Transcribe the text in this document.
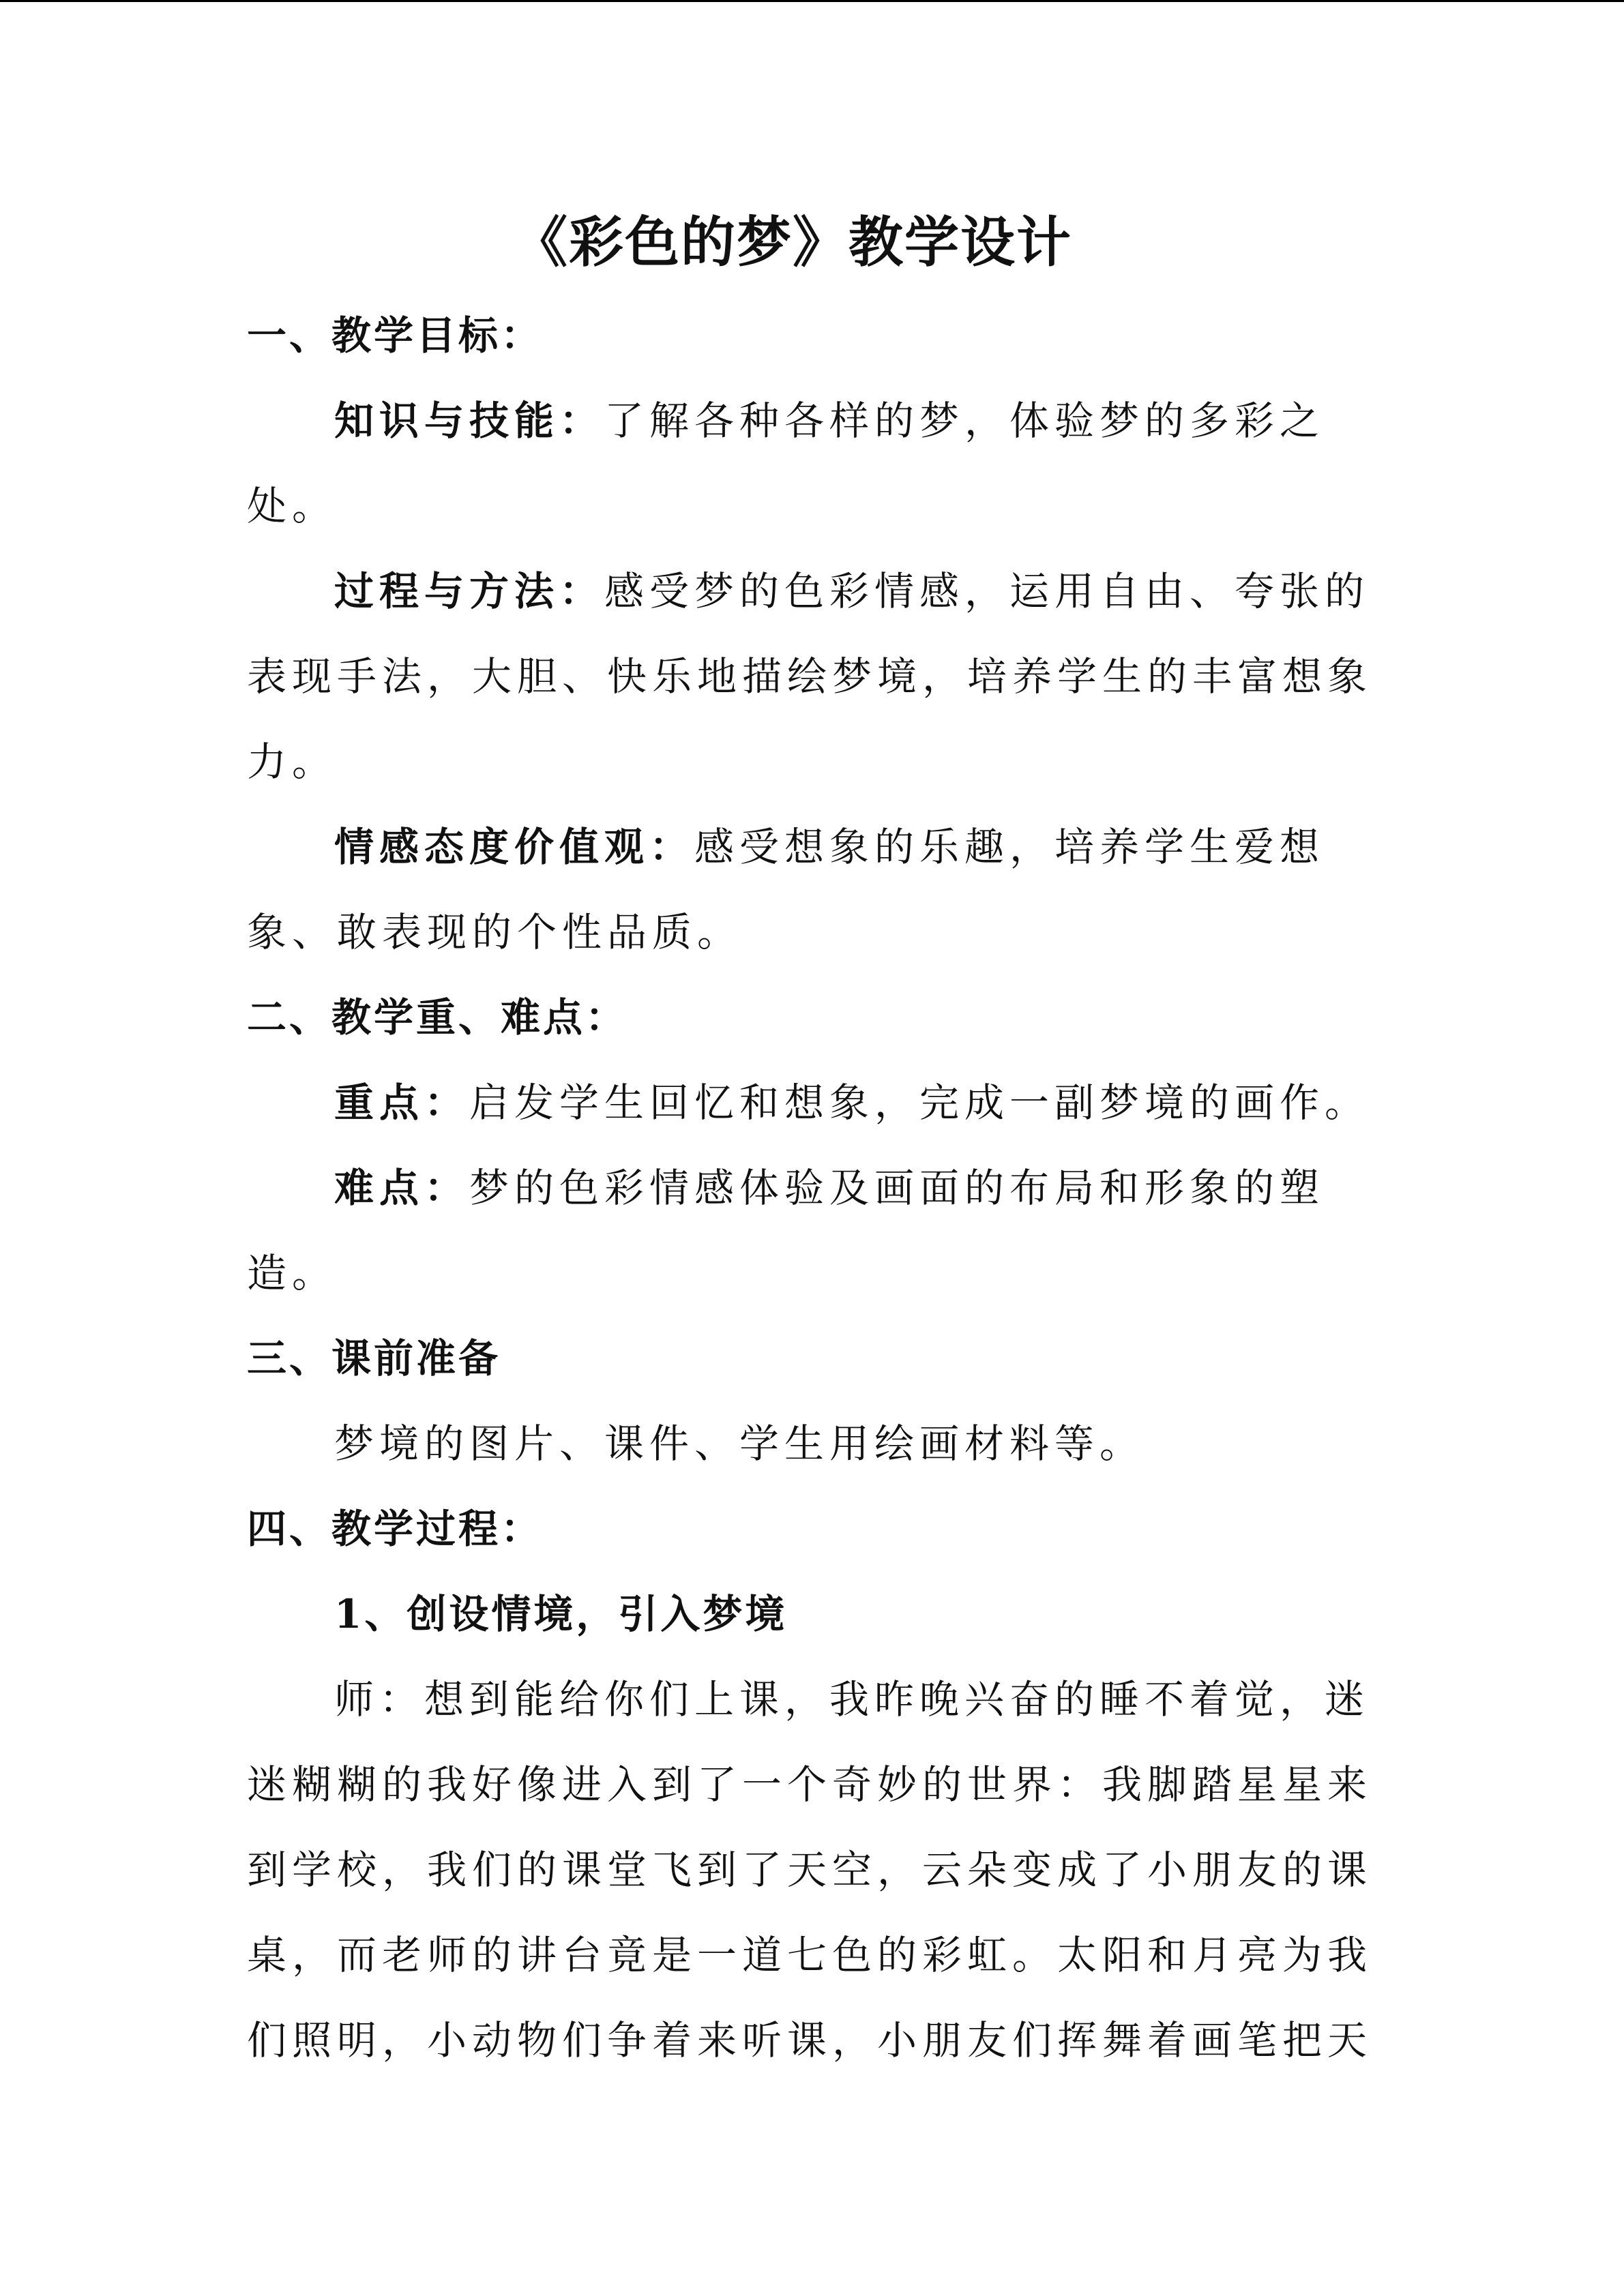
《彩色的梦》教学设计
一、教学目标：
知识与技能：了解各种各样的梦，体验梦的多彩之
处。
过程与方法：感受梦的色彩情感，运用自由、夸张的
表现手法，大胆、快乐地描绘梦境，培养学生的丰富想象
力。
情感态度价值观：感受想象的乐趣，培养学生爱想
象、敢表现的个性品质。
二、教学重、难点：
重点：启发学生回忆和想象，完成一副梦境的画作。
难点：梦的色彩情感体验及画面的布局和形象的塑
造。
三、课前准备
梦境的图片、课件、学生用绘画材料等。
四、教学过程：
1、创设情境，引入梦境
师：想到能给你们上课，我昨晚兴奋的睡不着觉，迷
迷糊糊的我好像进入到了一个奇妙的世界：我脚踏星星来
到学校，我们的课堂飞到了天空，云朵变成了小朋友的课
桌，而老师的讲台竟是一道七色的彩虹。太阳和月亮为我
们照明，小动物们争着来听课，小朋友们挥舞着画笔把天
